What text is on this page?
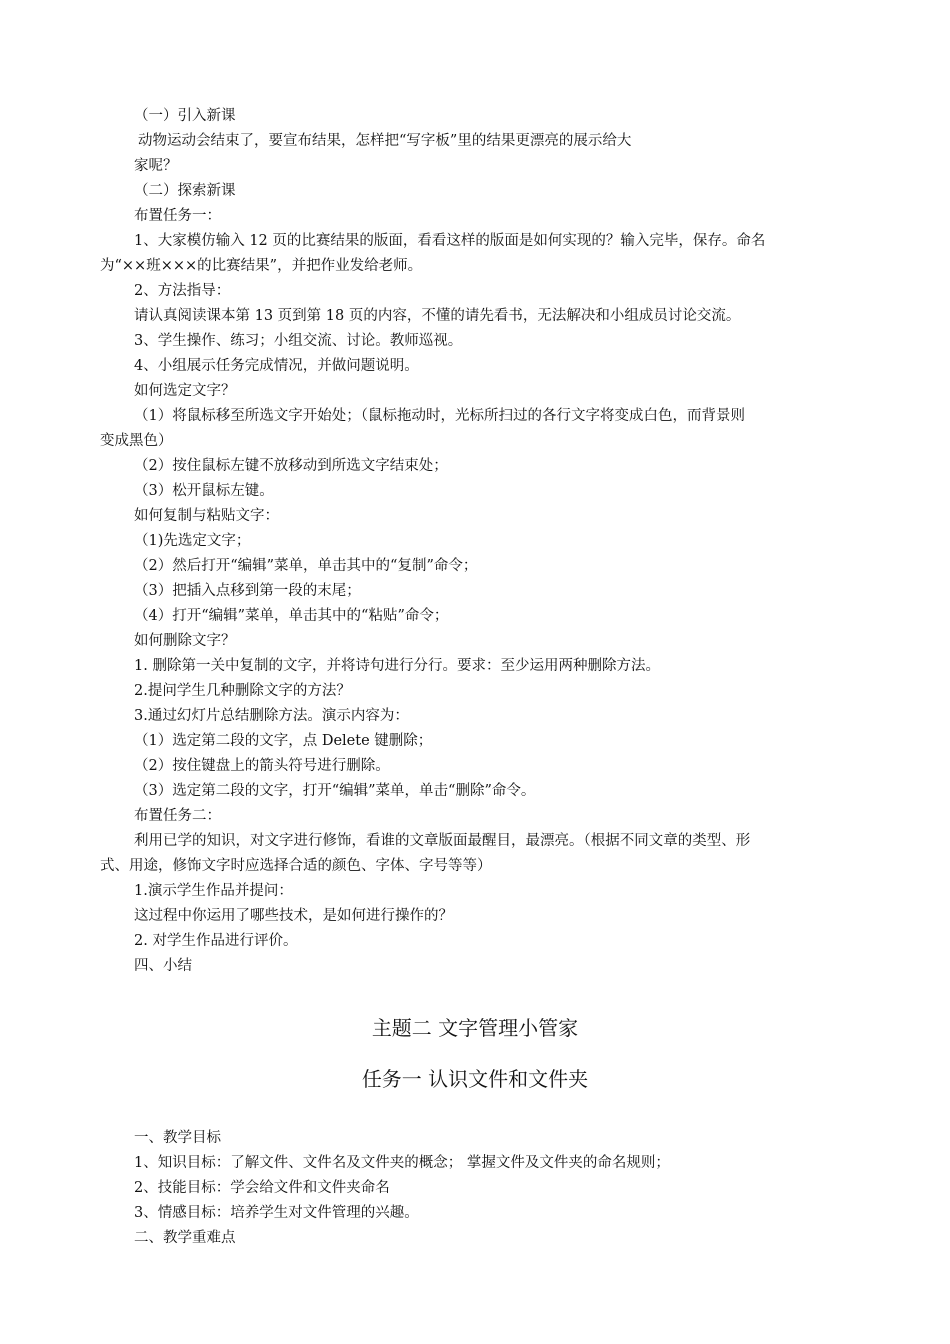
（一）引入新课
动物运动会结束了，要宣布结果，怎样把“写字板”里的结果更漂亮的展示给大
家呢？
（二）探索新课
布置任务一：
1、大家模仿输入 12 页的比赛结果的版面，看看这样的版面是如何实现的？输入完毕，保存。命名
为“××班×××的比赛结果”，并把作业发给老师。
2、方法指导：
请认真阅读课本第 13 页到第 18 页的内容，不懂的请先看书，无法解决和小组成员讨论交流。
3、学生操作、练习；小组交流、讨论。教师巡视。
4、小组展示任务完成情况，并做问题说明。
如何选定文字？
（1）将鼠标移至所选文字开始处；（鼠标拖动时，光标所扫过的各行文字将变成白色，而背景则
变成黑色）
（2）按住鼠标左键不放移动到所选文字结束处；
（3）松开鼠标左键。
如何复制与粘贴文字：
（1)先选定文字；
（2）然后打开“编辑”菜单，单击其中的“复制”命令；
（3）把插入点移到第一段的末尾；
（4）打开“编辑”菜单，单击其中的“粘贴”命令；
如何删除文字？
1. 删除第一关中复制的文字，并将诗句进行分行。要求：至少运用两种删除方法。
2.提问学生几种删除文字的方法？
3.通过幻灯片总结删除方法。演示内容为：
（1）选定第二段的文字，点 Delete 键删除；
（2）按住键盘上的箭头符号进行删除。
（3）选定第二段的文字，打开“编辑”菜单，单击“删除”命令。
布置任务二：
利用已学的知识，对文字进行修饰，看谁的文章版面最醒目，最漂亮。（根据不同文章的类型、形
式、用途，修饰文字时应选择合适的颜色、字体、字号等等）
1.演示学生作品并提问：
这过程中你运用了哪些技术，是如何进行操作的？
2. 对学生作品进行评价。
四、小结
主题二 文字管理小管家
任务一 认识文件和文件夹
一、教学目标
1、知识目标：了解文件、文件名及文件夹的概念； 掌握文件及文件夹的命名规则；
2、技能目标：学会给文件和文件夹命名
3、情感目标：培养学生对文件管理的兴趣。
二、教学重难点
